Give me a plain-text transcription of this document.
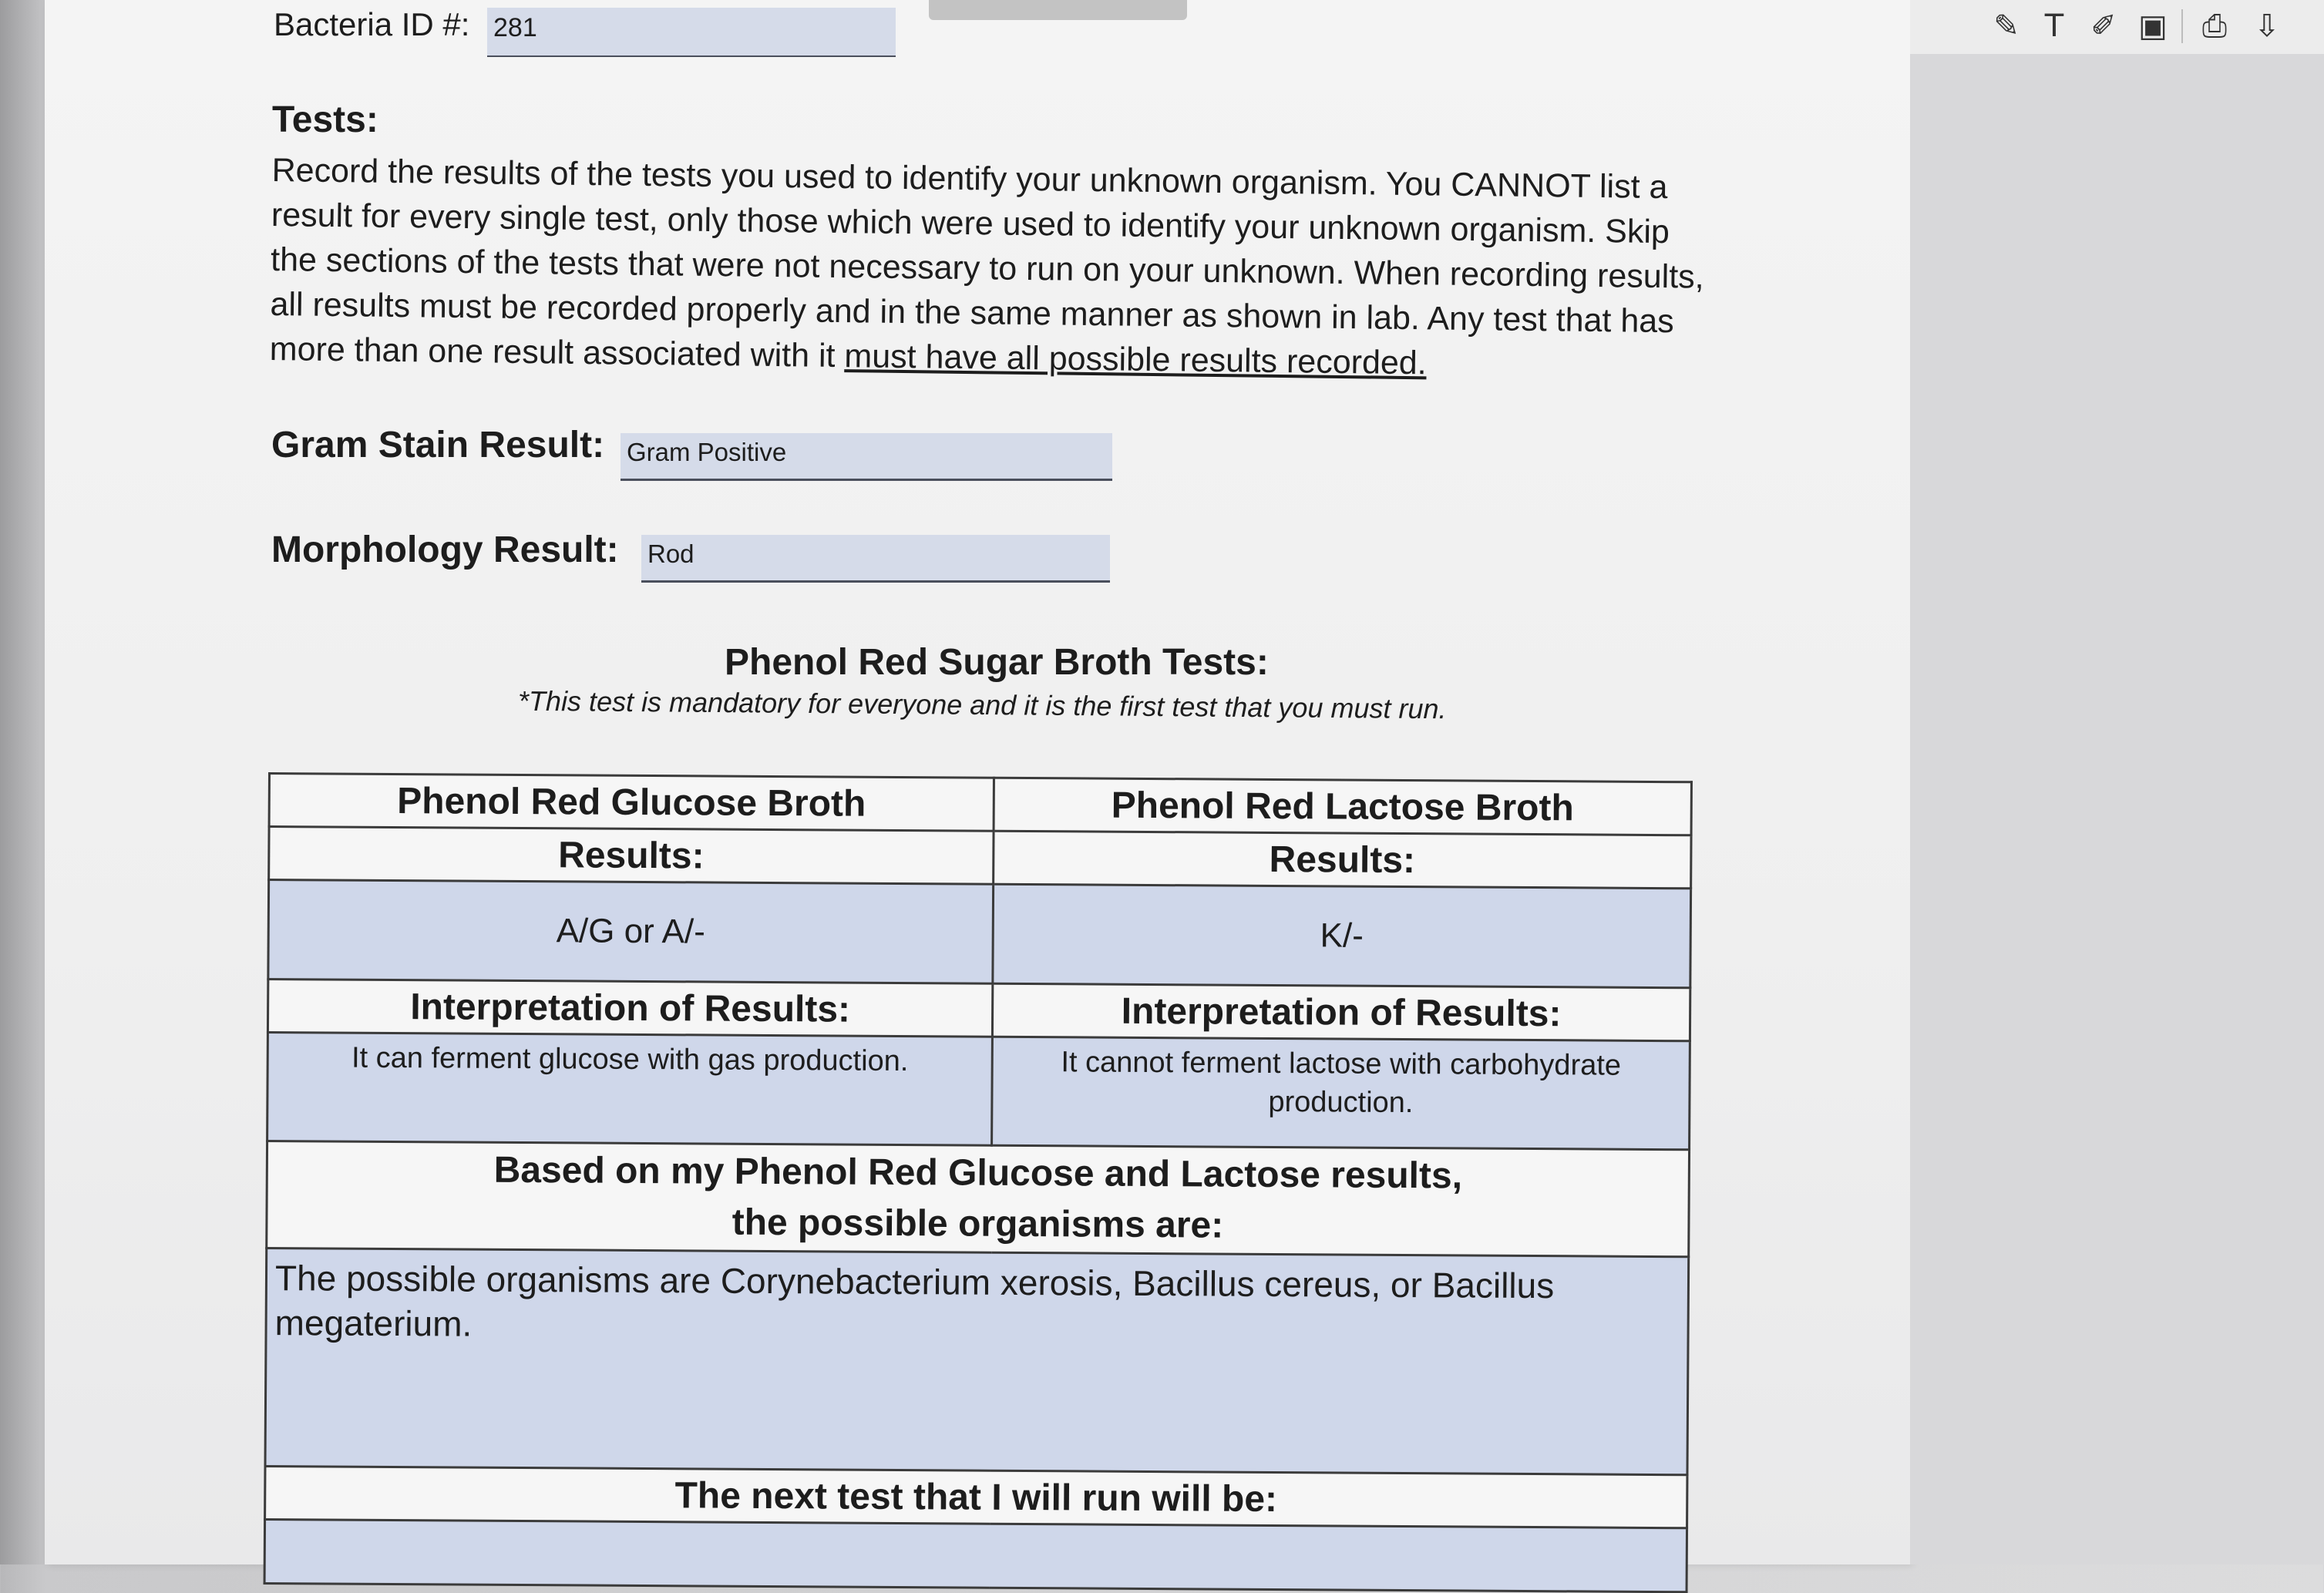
✎ T ✐ ▣ ⎙ ⇩
Bacteria ID #: 281
Tests:
Record the results of the tests you used to identify your unknown organism. You CANNOT list a result for every single test, only those which were used to identify your unknown organism. Skip the sections of the tests that were not necessary to run on your unknown. When recording results, all results must be recorded properly and in the same manner as shown in lab. Any test that has more than one result associated with it must have all possible results recorded.
Gram Stain Result: Gram Positive
Morphology Result: Rod
Phenol Red Sugar Broth Tests:
*This test is mandatory for everyone and it is the first test that you must run.
Phenol Red Glucose Broth	Phenol Red Lactose Broth
Results:	Results:
A/G or A/-	K/-
Interpretation of Results:	Interpretation of Results:
It can ferment glucose with gas production.	It cannot ferment lactose with carbohydrate production.

Based on my Phenol Red Glucose and Lactose results,
the possible organisms are:	

The possible organisms are Corynebacterium xerosis, Bacillus cereus, or Bacillus megaterium.	
The next test that I will run will be:	
